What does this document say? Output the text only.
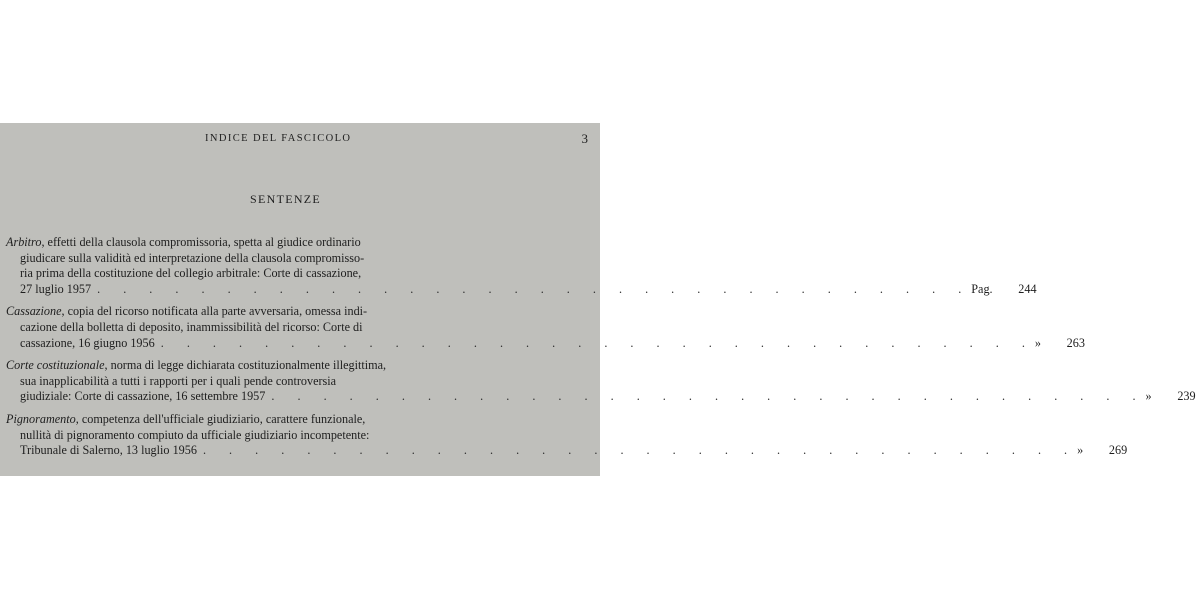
INDICE DEL FASCICOLO	3
SENTENZE
Arbitro, effetti della clausola compromissoria, spetta al giudice ordinario
giudicare sulla validità ed interpretazione della clausola compromisso-
ria prima della costituzione del collegio arbitrale: Corte di cassazione,
27 luglio 1957 . . . . . . . . . . . . . . . . . . . . . . . . . . . . . . . . . . Pag.	244
Cassazione, copia del ricorso notificata alla parte avversaria, omessa indi-
cazione della bolletta di deposito, inammissibilità del ricorso: Corte di
cassazione, 16 giugno 1956 . . . . . . . . . . . . . . . . . . . . . . . . . . . . . . . . . . »	263
Corte costituzionale, norma di legge dichiarata costituzionalmente illegittima,
sua inapplicabilità a tutti i rapporti per i quali pende controversia
giudiziale: Corte di cassazione, 16 settembre 1957 . . . . . . . . . . . . . . . . . . . . . . . . . . . . . . . . . . »	239
Pignoramento, competenza dell'ufficiale giudiziario, carattere funzionale,
nullità di pignoramento compiuto da ufficiale giudiziario incompetente:
Tribunale di Salerno, 13 luglio 1956 . . . . . . . . . . . . . . . . . . . . . . . . . . . . . . . . . . »	269
